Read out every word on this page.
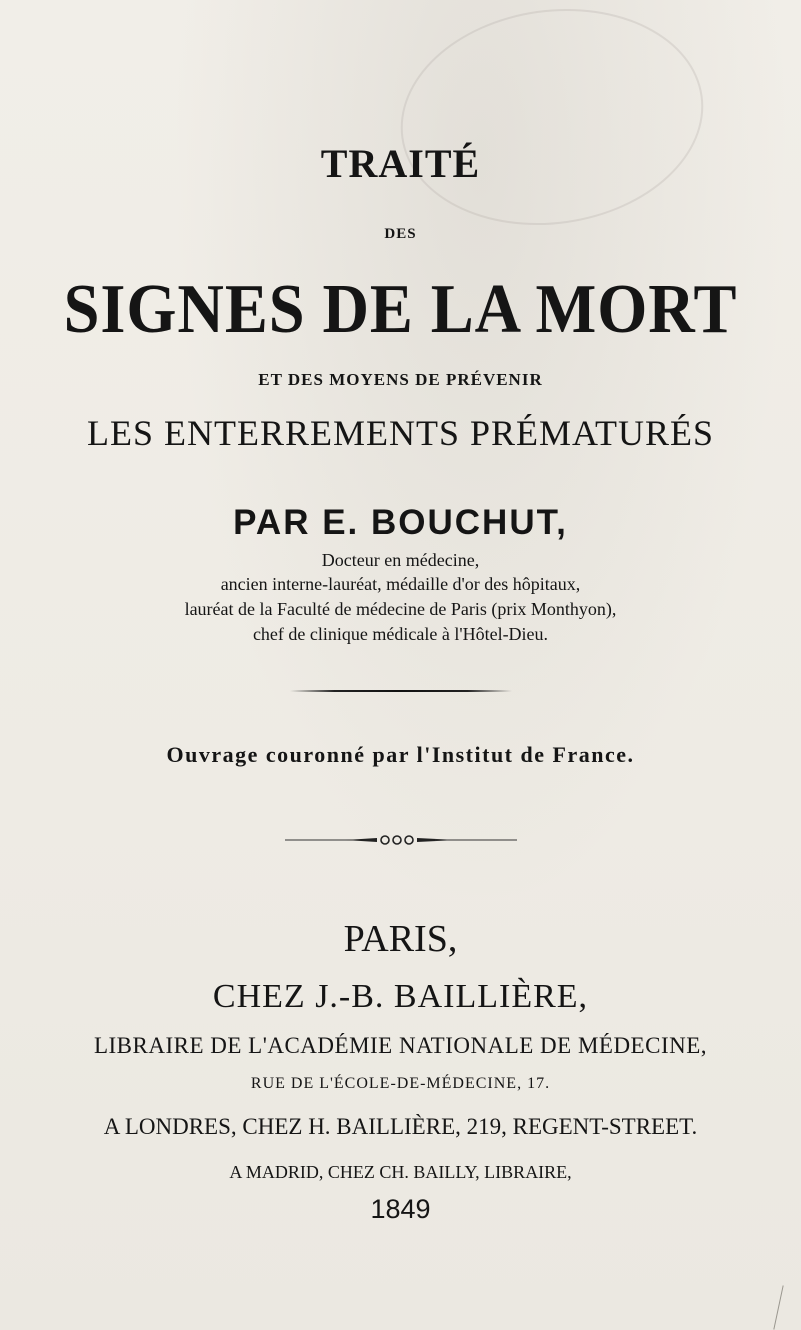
TRAITÉ
DES
SIGNES DE LA MORT
ET DES MOYENS DE PRÉVENIR
LES ENTERREMENTS PRÉMATURÉS
PAR E. BOUCHUT,
Docteur en médecine,
ancien interne-lauréat, médaille d'or des hôpitaux,
lauréat de la Faculté de médecine de Paris (prix Monthyon),
chef de clinique médicale à l'Hôtel-Dieu.
Ouvrage couronné par l'Institut de France.
PARIS,
CHEZ J.-B. BAILLIÈRE,
LIBRAIRE DE L'ACADÉMIE NATIONALE DE MÉDECINE,
RUE DE L'ÉCOLE-DE-MÉDECINE, 17.
A LONDRES, CHEZ H. BAILLIÈRE, 219, REGENT-STREET.
A MADRID, CHEZ CH. BAILLY, LIBRAIRE,
1849
